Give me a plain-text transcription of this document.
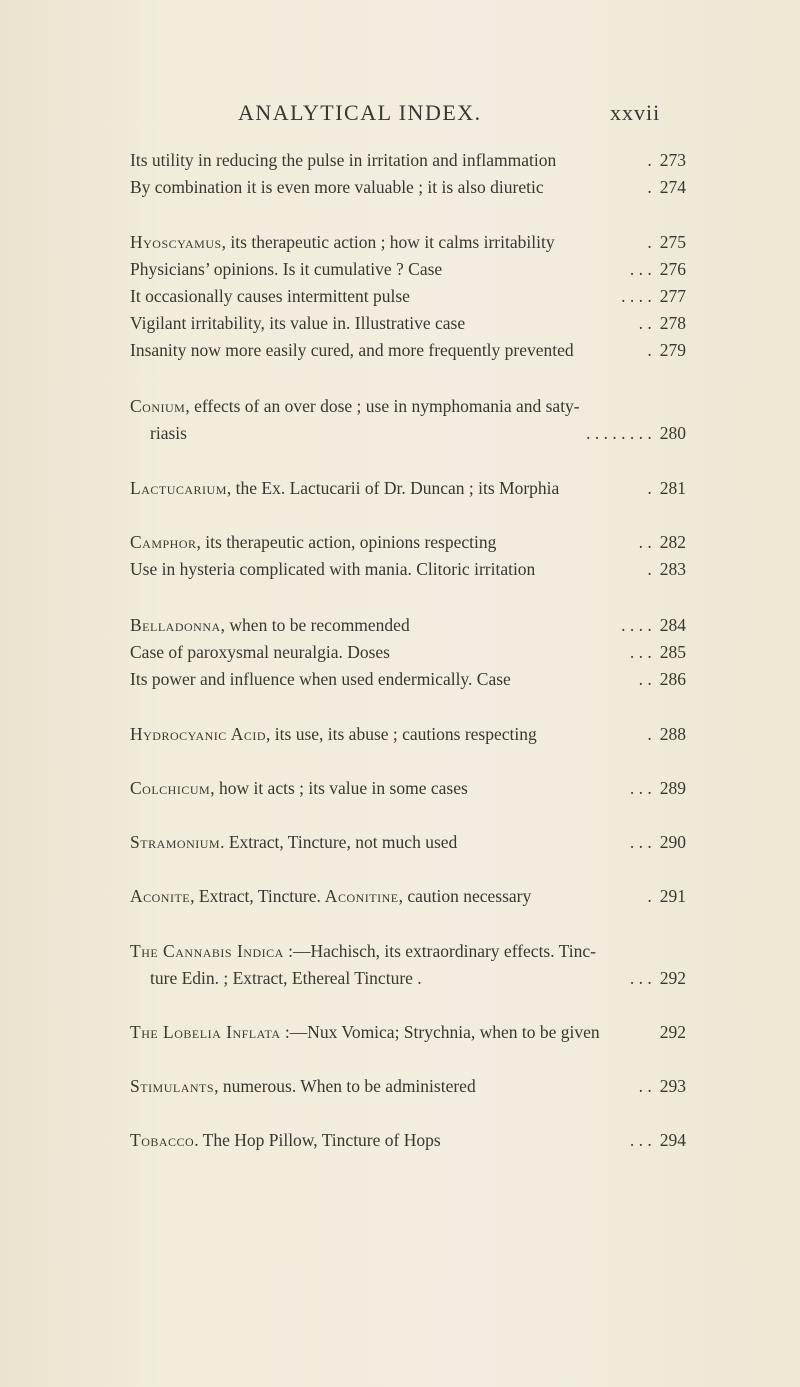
ANALYTICAL INDEX.	xxvii
Its utility in reducing the pulse in irritation and inflammation	273
.
By combination it is even more valuable ; it is also diuretic	274
.
Hyoscyamus, its therapeutic action ; how it calms irritability	275
.
Physicians’ opinions. Is it cumulative ? Case	276
. . .
It occasionally causes intermittent pulse	277
. . . .
Vigilant irritability, its value in. Illustrative case	278
. .
Insanity now more easily cured, and more frequently prevented	279
.
Conium, effects of an over dose ; use in nymphomania and saty-
riasis	280
. . . . . . . .
Lactucarium, the Ex. Lactucarii of Dr. Duncan ; its Morphia	281
.
Camphor, its therapeutic action, opinions respecting	282
. .
Use in hysteria complicated with mania. Clitoric irritation	283
.
Belladonna, when to be recommended	284
. . . .
Case of paroxysmal neuralgia. Doses	285
. . .
Its power and influence when used endermically. Case	286
. .
Hydrocyanic Acid, its use, its abuse ; cautions respecting	288
.
Colchicum, how it acts ; its value in some cases	289
. . .
Stramonium. Extract, Tincture, not much used	290
. . .
Aconite, Extract, Tincture. Aconitine, caution necessary	291
.
The Cannabis Indica :—Hachisch, its extraordinary effects. Tinc-
ture Edin. ; Extract, Ethereal Tincture .	292
. . .
The Lobelia Inflata :—Nux Vomica; Strychnia, when to be given	292
Stimulants, numerous. When to be administered	293
. .
Tobacco. The Hop Pillow, Tincture of Hops	294
. . .
